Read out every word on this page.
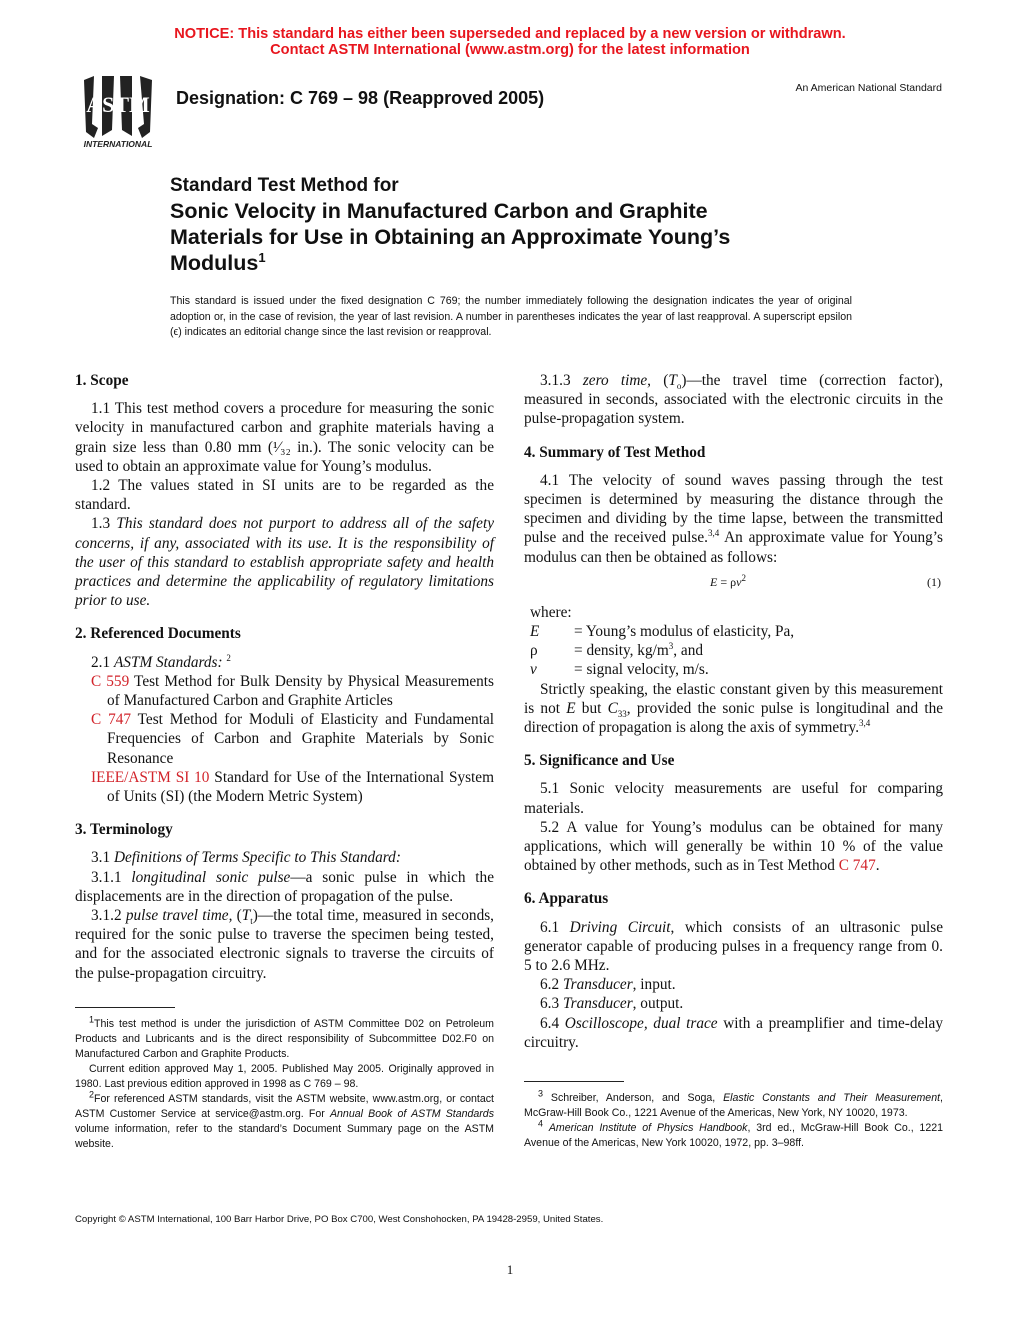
NOTICE: This standard has either been superseded and replaced by a new version or withdrawn.
Contact ASTM International (www.astm.org) for the latest information
ASTM
INTERNATIONAL
Designation: C 769 – 98 (Reapproved 2005)	An American National Standard
Standard Test Method for
Sonic Velocity in Manufactured Carbon and Graphite
Materials for Use in Obtaining an Approximate Young’s
Modulus$^1$
This standard is issued under the fixed designation C 769; the number immediately following the designation indicates the year of original adoption or, in the case of revision, the year of last revision. A number in parentheses indicates the year of last reapproval. A superscript epsilon (ϵ) indicates an editorial change since the last revision or reapproval.

1. Scope

1.1 This test method covers a procedure for measuring the sonic velocity in manufactured carbon and graphite materials having a grain size less than 0.80 mm (¹⁄₃₂ in.). The sonic velocity can be used to obtain an approximate value for Young’s modulus.

1.2 The values stated in SI units are to be regarded as the standard.

1.3 This standard does not purport to address all of the safety concerns, if any, associated with its use. It is the responsibility of the user of this standard to establish appropriate safety and health practices and determine the applicability of regulatory limitations prior to use.

2. Referenced Documents

2.1 ASTM Standards: $^2$

C 559 Test Method for Bulk Density by Physical Measurements of Manufactured Carbon and Graphite Articles

C 747 Test Method for Moduli of Elasticity and Fundamental Frequencies of Carbon and Graphite Materials by Sonic Resonance

IEEE/ASTM SI 10 Standard for Use of the International System of Units (SI) (the Modern Metric System)

3. Terminology

3.1 Definitions of Terms Specific to This Standard:

3.1.1 longitudinal sonic pulse—a sonic pulse in which the displacements are in the direction of propagation of the pulse.

3.1.2 pulse travel time, $(T_t)—the$ total time, measured in seconds, required for the sonic pulse to traverse the specimen being tested, and for the associated electronic signals to traverse the circuits of the pulse-propagation circuitry.

$^1$This test method is under the jurisdiction of ASTM Committee D02 on Petroleum Products and Lubricants and is the direct responsibility of Subcommittee D02.F0 on Manufactured Carbon and Graphite Products.

Current edition approved May 1, 2005. Published May 2005. Originally approved in 1980. Last previous edition approved in 1998 as C 769 – 98.

$^2$For referenced ASTM standards, visit the ASTM website, www.astm.org, or contact ASTM Customer Service at service@astm.org. For Annual Book of ASTM Standards volume information, refer to the standard’s Document Summary page on the ASTM website.

3.1.3 zero time, $(T_o)—the$ travel time (correction factor), measured in seconds, associated with the electronic circuits in the pulse-propagation system.

4. Summary of Test Method

4.1 The velocity of sound waves passing through the test specimen is determined by measuring the distance through the specimen and dividing by the time lapse, between the transmitted pulse and the received pulse.$^{3,4}$ An approximate value for Young’s modulus can then be obtained as follows:

$E = \rho v^2$	(1)

where:

E	= Young’s modulus of elasticity, Pa,
ρ	= density, $kg/m^3$, and
v	= signal velocity, m/s.

Strictly speaking, the elastic constant given by this measurement is not E but $C_{33}$, provided the sonic pulse is longitudinal and the direction of propagation is along the axis of symmetry.$^{3,4}$

5. Significance and Use

5.1 Sonic velocity measurements are useful for comparing materials.

5.2 A value for Young’s modulus can be obtained for many applications, which will generally be within 10 % of the value obtained by other methods, such as in Test Method C 747.

6. Apparatus

6.1 Driving Circuit, which consists of an ultrasonic pulse generator capable of producing pulses in a frequency range from 0. 5 to 2.6 MHz.

6.2 Transducer, input.

6.3 Transducer, output.

6.4 Oscilloscope, dual trace with a preamplifier and time-delay circuitry.

$^3$ Schreiber, Anderson, and Soga, Elastic Constants and Their Measurement, McGraw-Hill Book Co., 1221 Avenue of the Americas, New York, NY 10020, 1973.

$^4$ American Institute of Physics Handbook, 3rd ed., McGraw-Hill Book Co., 1221 Avenue of the Americas, New York 10020, 1972, pp. 3–98ff.

Copyright © ASTM International, 100 Barr Harbor Drive, PO Box C700, West Conshohocken, PA 19428-2959, United States.
1
